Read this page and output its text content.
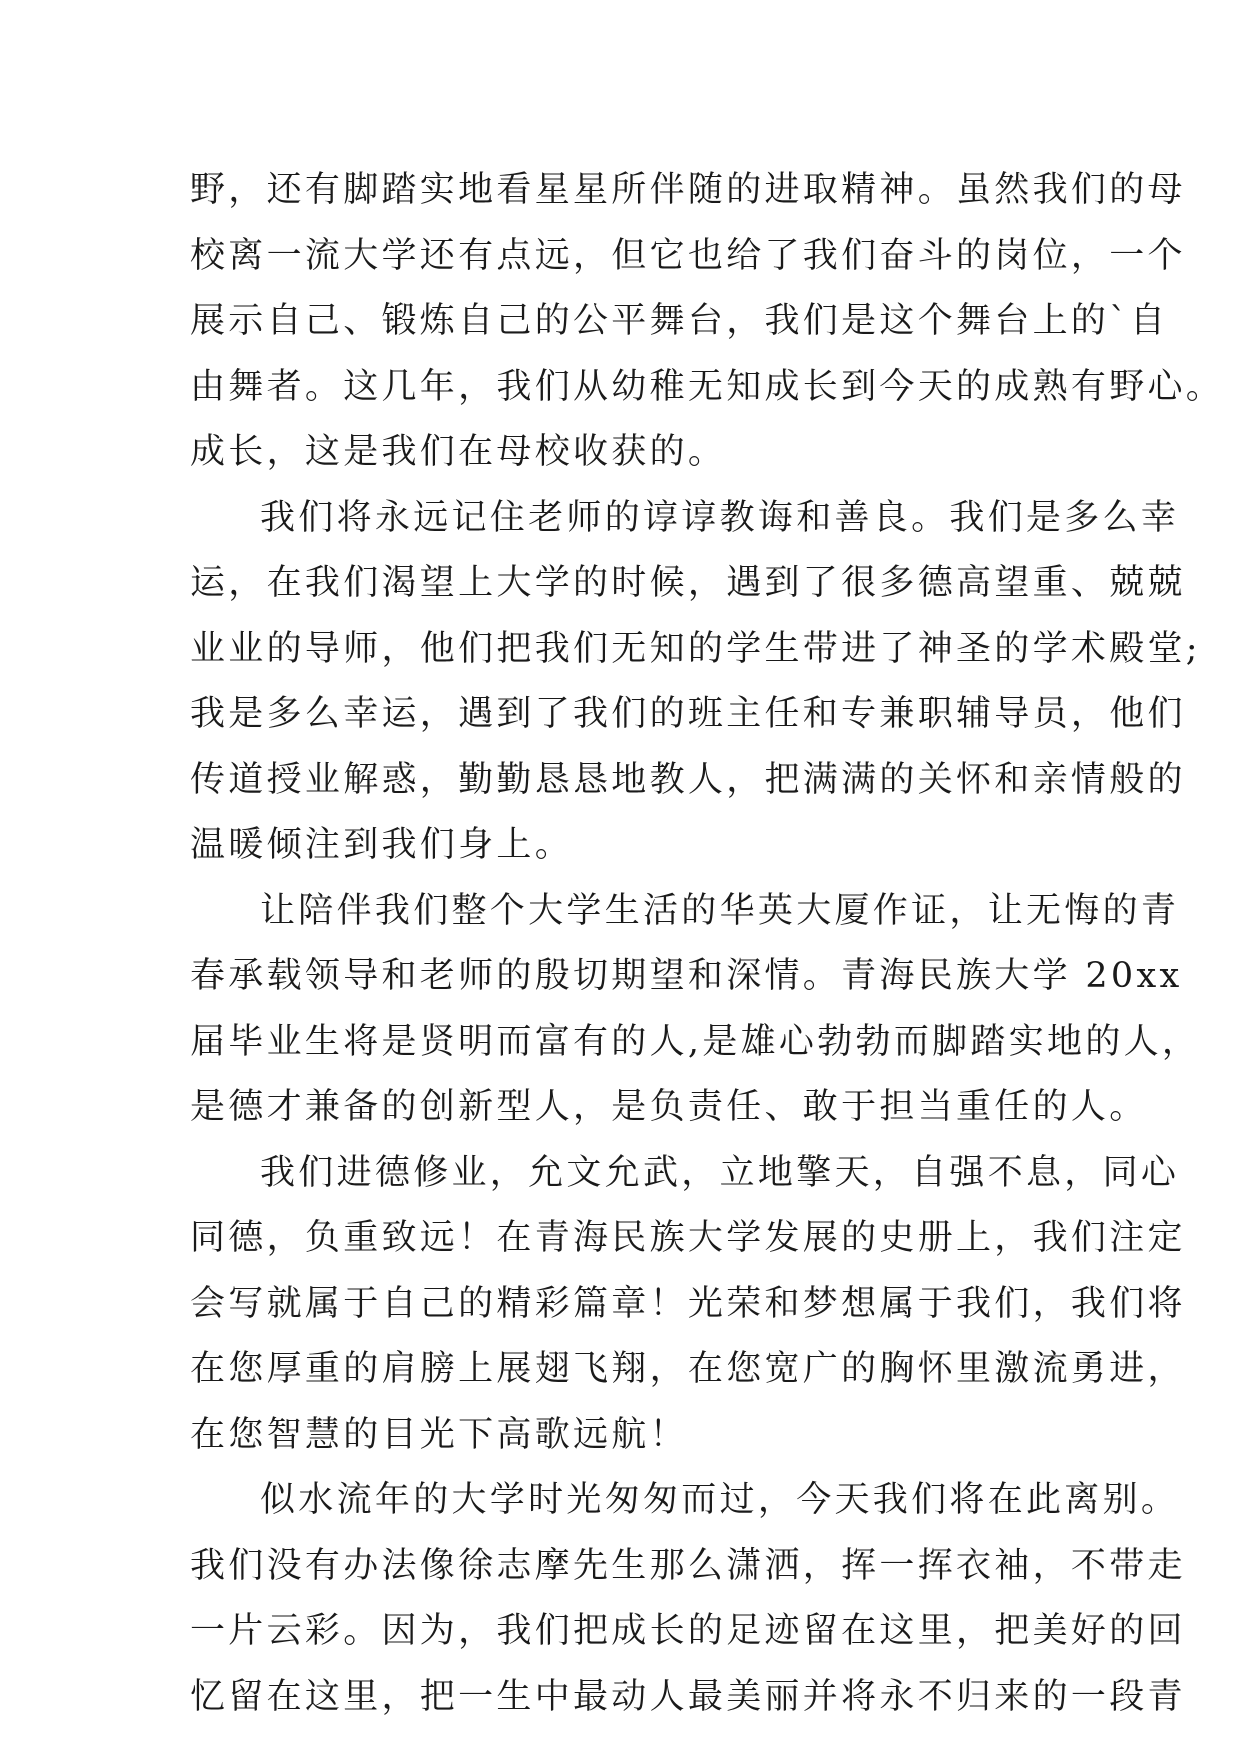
野，还有脚踏实地看星星所伴随的进取精神。虽然我们的母
校离一流大学还有点远，但它也给了我们奋斗的岗位，一个
展示自己、锻炼自己的公平舞台，我们是这个舞台上的`自
由舞者。这几年，我们从幼稚无知成长到今天的成熟有野心。
成长，这是我们在母校收获的。
我们将永远记住老师的谆谆教诲和善良。我们是多么幸
运，在我们渴望上大学的时候，遇到了很多德高望重、兢兢
业业的导师，他们把我们无知的学生带进了神圣的学术殿堂;
我是多么幸运，遇到了我们的班主任和专兼职辅导员，他们
传道授业解惑，勤勤恳恳地教人，把满满的关怀和亲情般的
温暖倾注到我们身上。
让陪伴我们整个大学生活的华英大厦作证，让无悔的青
春承载领导和老师的殷切期望和深情。青海民族大学 20xx
届毕业生将是贤明而富有的人,是雄心勃勃而脚踏实地的人，
是德才兼备的创新型人，是负责任、敢于担当重任的人。
我们进德修业，允文允武，立地擎天，自强不息，同心
同德，负重致远！在青海民族大学发展的史册上，我们注定
会写就属于自己的精彩篇章！光荣和梦想属于我们，我们将
在您厚重的肩膀上展翅飞翔，在您宽广的胸怀里激流勇进，
在您智慧的目光下高歌远航！
似水流年的大学时光匆匆而过，今天我们将在此离别。
我们没有办法像徐志摩先生那么潇洒，挥一挥衣袖，不带走
一片云彩。因为，我们把成长的足迹留在这里，把美好的回
忆留在这里，把一生中最动人最美丽并将永不归来的一段青
